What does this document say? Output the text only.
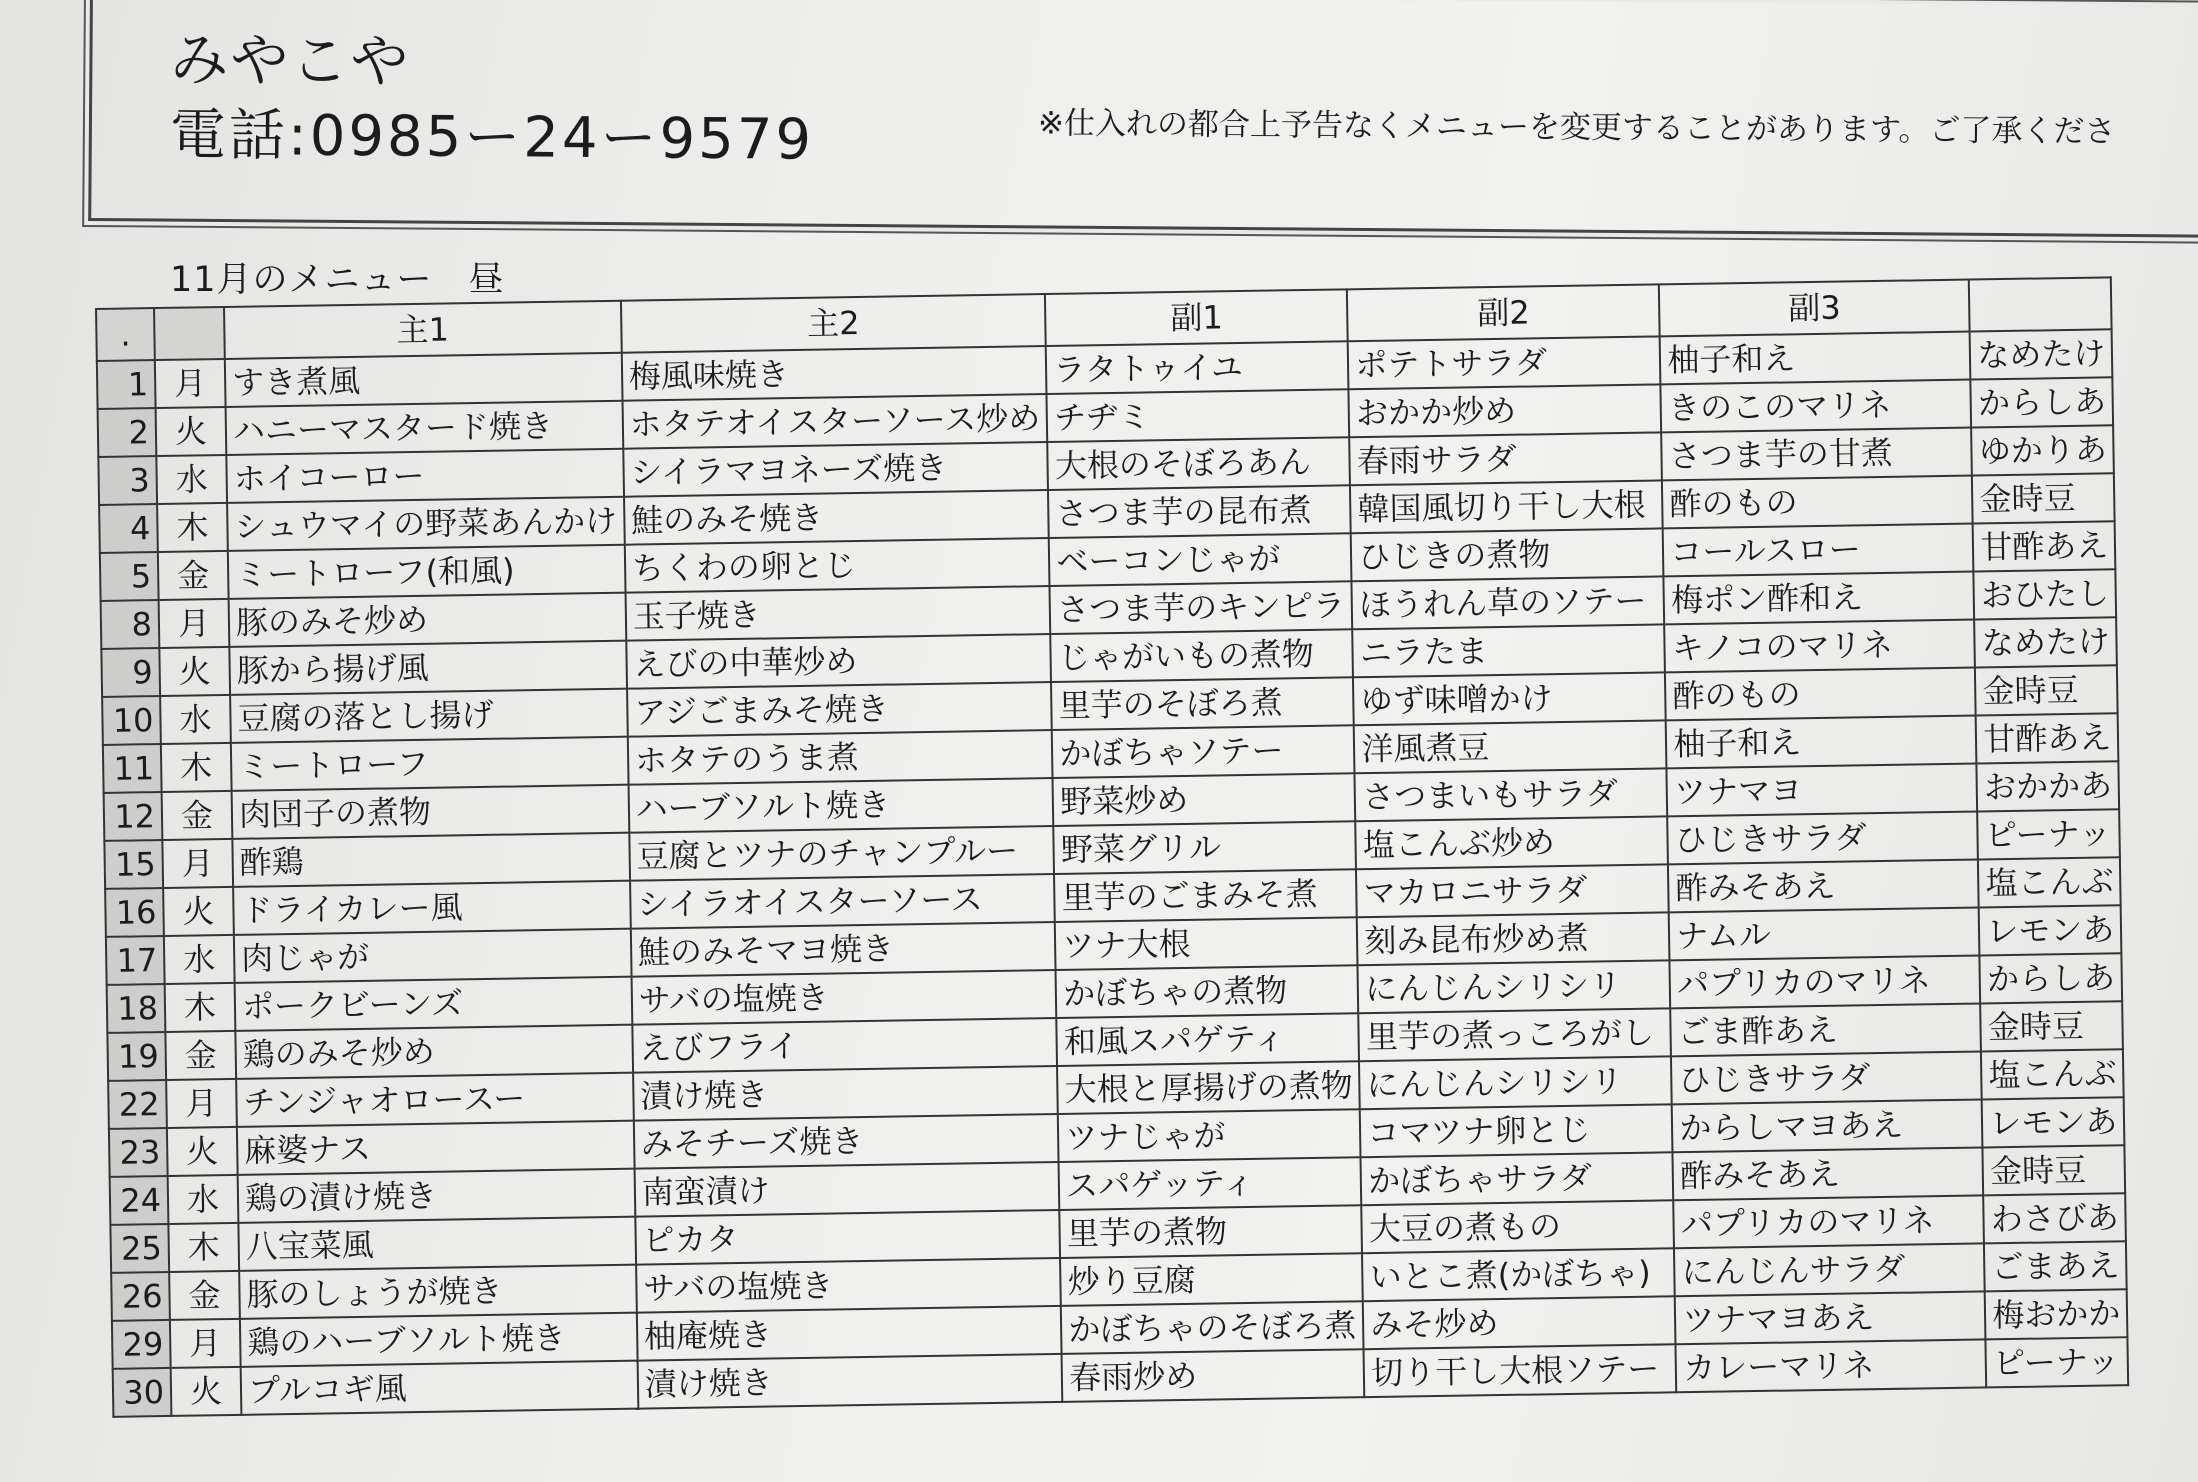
みやこや
電話:0985ー24ー9579	※仕入れの都合上予告なくメニューを変更することがあります。ご了承くださ
11月のメニュー　昼
.		主1	主2	副1	副2	副3	
1	月	すき煮風	梅風味焼き	ラタトゥイユ	ポテトサラダ	柚子和え	なめたけ
2	火	ハニーマスタード焼き	ホタテオイスターソース炒め	チヂミ	おかか炒め	きのこのマリネ	からしあ
3	水	ホイコーロー	シイラマヨネーズ焼き	大根のそぼろあん	春雨サラダ	さつま芋の甘煮	ゆかりあ
4	木	シュウマイの野菜あんかけ	鮭のみそ焼き	さつま芋の昆布煮	韓国風切り干し大根	酢のもの	金時豆
5	金	ミートローフ(和風)	ちくわの卵とじ	ベーコンじゃが	ひじきの煮物	コールスロー	甘酢あえ
8	月	豚のみそ炒め	玉子焼き	さつま芋のキンピラ	ほうれん草のソテー	梅ポン酢和え	おひたし
9	火	豚から揚げ風	えびの中華炒め	じゃがいもの煮物	ニラたま	キノコのマリネ	なめたけ
10	水	豆腐の落とし揚げ	アジごまみそ焼き	里芋のそぼろ煮	ゆず味噌かけ	酢のもの	金時豆
11	木	ミートローフ	ホタテのうま煮	かぼちゃソテー	洋風煮豆	柚子和え	甘酢あえ
12	金	肉団子の煮物	ハーブソルト焼き	野菜炒め	さつまいもサラダ	ツナマヨ	おかかあ
15	月	酢鶏	豆腐とツナのチャンプルー	野菜グリル	塩こんぶ炒め	ひじきサラダ	ピーナッ
16	火	ドライカレー風	シイラオイスターソース	里芋のごまみそ煮	マカロニサラダ	酢みそあえ	塩こんぶ
17	水	肉じゃが	鮭のみそマヨ焼き	ツナ大根	刻み昆布炒め煮	ナムル	レモンあ
18	木	ポークビーンズ	サバの塩焼き	かぼちゃの煮物	にんじんシリシリ	パプリカのマリネ	からしあ
19	金	鶏のみそ炒め	えびフライ	和風スパゲティ	里芋の煮っころがし	ごま酢あえ	金時豆
22	月	チンジャオロースー	漬け焼き	大根と厚揚げの煮物	にんじんシリシリ	ひじきサラダ	塩こんぶ
23	火	麻婆ナス	みそチーズ焼き	ツナじゃが	コマツナ卵とじ	からしマヨあえ	レモンあ
24	水	鶏の漬け焼き	南蛮漬け	スパゲッティ	かぼちゃサラダ	酢みそあえ	金時豆
25	木	八宝菜風	ピカタ	里芋の煮物	大豆の煮もの	パプリカのマリネ	わさびあ
26	金	豚のしょうが焼き	サバの塩焼き	炒り豆腐	いとこ煮(かぼちゃ)	にんじんサラダ	ごまあえ
29	月	鶏のハーブソルト焼き	柚庵焼き	かぼちゃのそぼろ煮	みそ炒め	ツナマヨあえ	梅おかか
30	火	プルコギ風	漬け焼き	春雨炒め	切り干し大根ソテー	カレーマリネ	ピーナッ
